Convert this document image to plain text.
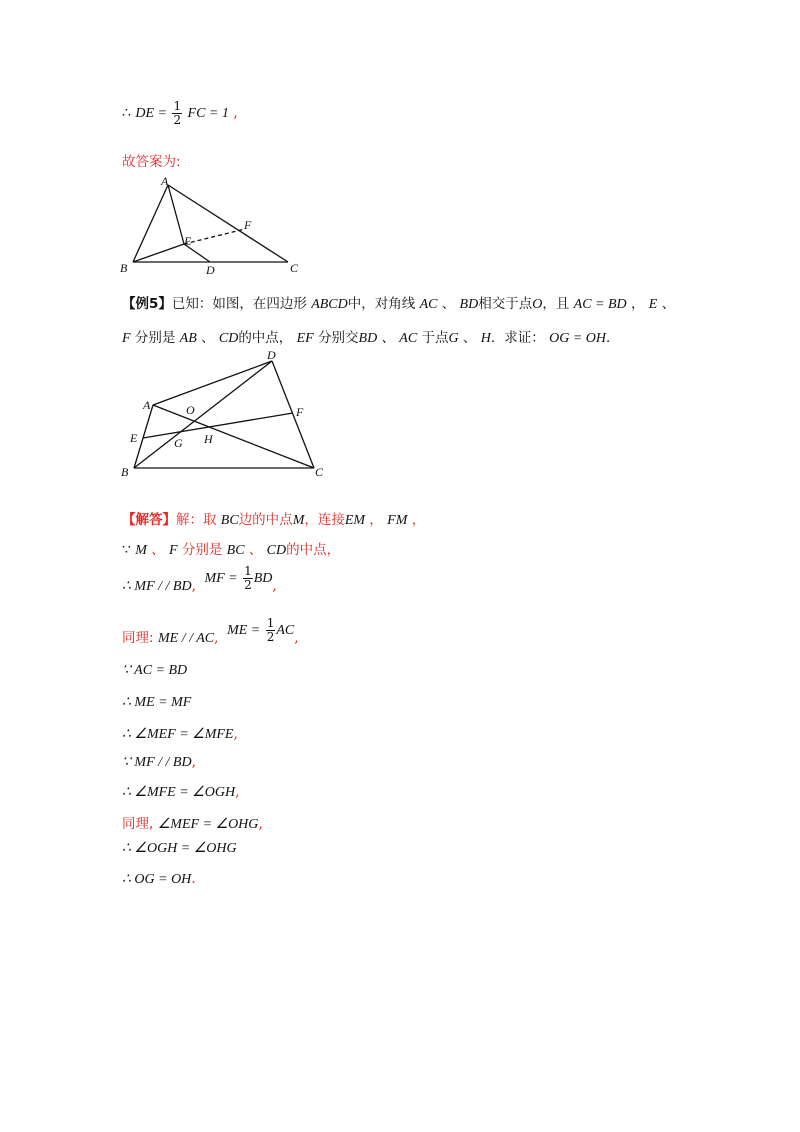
∴ DE = $\frac{1}{2}$ FC = 1 ,
故答案为:
A
B	C
D
E
F
【例5】已知：如图，在四边形 ABCD中，对角线 AC 、 BD相交于点O，且 AC = BD ， E 、
F 分别是 AB 、 CD的中点， EF 分别交BD 、 AC 于点G 、 H．求证： OG = OH．
D
A	O	F
E	G H
B	C
【解答】解：取 BC边的中点M，连接EM ， FM ，
∵ M 、 F 分别是 BC 、 CD的中点，
∴ MF / / BD, MF = $\frac{1}{2}$ BD,
同理: ME / / AC, ME = $\frac{1}{2}$ AC,
∵ AC = BD
∴ ME = MF
∴ ∠MEF = ∠MFE,
∵ MF / / BD,
∴ ∠MFE = ∠OGH,
同理, ∠MEF = ∠OHG,
∴ ∠OGH = ∠OHG
∴ OG = OH.
